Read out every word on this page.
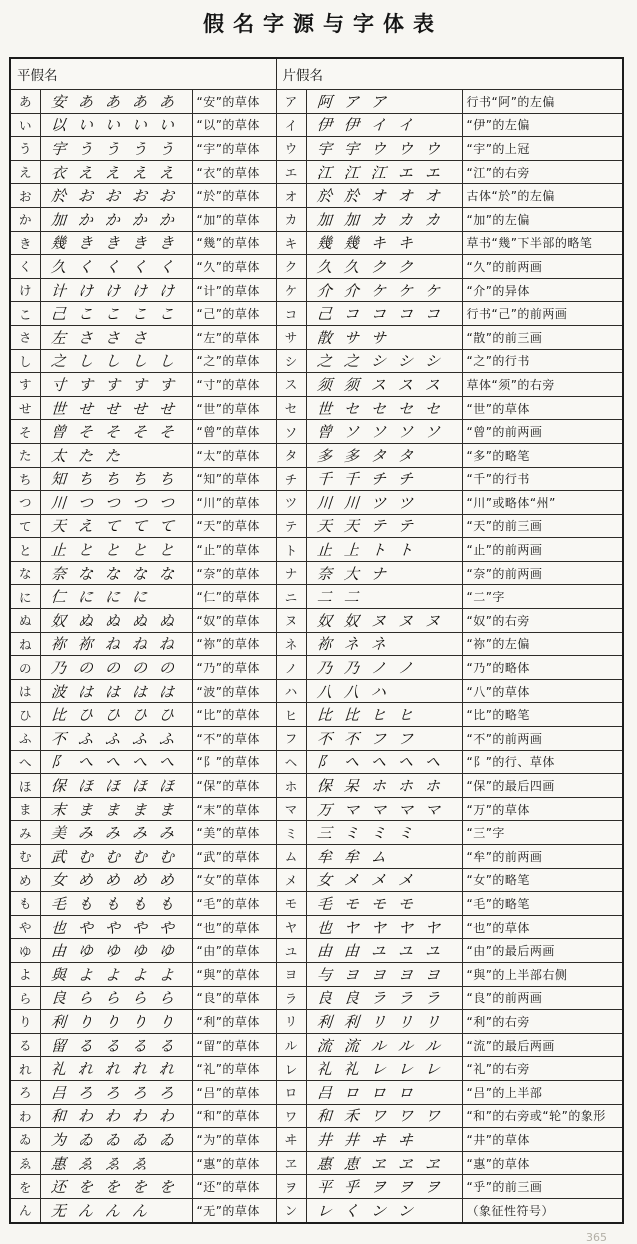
假名字源与字体表
平假名			片假名		
あ	安 あ あ あ あ	“安”的草体	ア	阿 ア ア	行书“阿”的左偏
い	以 い い い い	“以”的草体	イ	伊 伊 イ イ	“伊”的左偏
う	宇 う う う う	“宇”的草体	ウ	宇 宇 ウ ウ ウ	“宇”的上冠
え	衣 え え え え	“衣”的草体	エ	江 江 江 エ エ	“江”的右旁
お	於 お お お お	“於”的草体	オ	於 於 オ オ オ	古体“於”的左偏
か	加 か か か か	“加”的草体	カ	加 加 カ カ カ	“加”的左偏
き	幾 き き き き	“幾”的草体	キ	幾 幾 キ キ	草书“幾”下半部的略笔
く	久 く く く く	“久”的草体	ク	久 久 ク ク	“久”的前两画
け	计 け け け け	“计”的草体	ケ	介 介 ケ ケ ケ	“介”的异体
こ	己 こ こ こ こ	“己”的草体	コ	己 コ コ コ コ	行书“己”的前两画
さ	左 さ さ さ	“左”的草体	サ	散 サ サ	“散”的前三画
し	之 し し し し	“之”的草体	シ	之 之 シ シ シ	“之”的行书
す	寸 す す す す	“寸”的草体	ス	须 须 ス ス ス	草体“须”的右旁
せ	世 せ せ せ せ	“世”的草体	セ	世 セ セ セ セ	“世”的草体
そ	曾 そ そ そ そ	“曾”的草体	ソ	曾 ソ ソ ソ ソ	“曾”的前两画
た	太 た た	“太”的草体	タ	多 多 タ タ	“多”的略笔
ち	知 ち ち ち ち	“知”的草体	チ	千 千 チ チ	“千”的行书
つ	川 つ つ つ つ	“川”的草体	ツ	川 川 ツ ツ	“川”或略体“州”
て	天 え て て て	“天”的草体	テ	天 天 テ テ	“天”的前三画
と	止 と と と と	“止”的草体	ト	止 上 ト ト	“止”的前两画
な	奈 な な な な	“奈”的草体	ナ	奈 大 ナ	“奈”的前两画
に	仁 に に に	“仁”的草体	ニ	二 二	“二”字
ぬ	奴 ぬ ぬ ぬ ぬ	“奴”的草体	ヌ	奴 奴 ヌ ヌ ヌ	“奴”的右旁
ね	祢 祢 ね ね ね	“祢”的草体	ネ	祢 ネ ネ	“祢”的左偏
の	乃 の の の の	“乃”的草体	ノ	乃 乃 ノ ノ	“乃”的略体
は	波 は は は は	“波”的草体	ハ	八 八 ハ	“八”的草体
ひ	比 ひ ひ ひ ひ	“比”的草体	ヒ	比 比 ヒ ヒ	“比”的略笔
ふ	不 ふ ふ ふ ふ	“不”的草体	フ	不 不 フ フ	“不”的前两画
へ	阝 へ へ へ へ	“阝”的草体	ヘ	阝 ヘ ヘ ヘ ヘ	“阝”的行、草体
ほ	保 ほ ほ ほ ほ	“保”的草体	ホ	保 呆 ホ ホ ホ	“保”的最后四画
ま	末 ま ま ま ま	“末”的草体	マ	万 マ マ マ マ	“万”的草体
み	美 み み み み	“美”的草体	ミ	三 ミ ミ ミ	“三”字
む	武 む む む む	“武”的草体	ム	牟 牟 ム	“牟”的前两画
め	女 め め め め	“女”的草体	メ	女 メ メ メ	“女”的略笔
も	毛 も も も も	“毛”的草体	モ	毛 モ モ モ	“毛”的略笔
や	也 や や や や	“也”的草体	ヤ	也 ヤ ヤ ヤ ヤ	“也”的草体
ゆ	由 ゆ ゆ ゆ ゆ	“由”的草体	ユ	由 由 ユ ユ ユ	“由”的最后两画
よ	與 よ よ よ よ	“與”的草体	ヨ	与 ヨ ヨ ヨ ヨ	“與”的上半部右侧
ら	良 ら ら ら ら	“良”的草体	ラ	良 良 ラ ラ ラ	“良”的前两画
り	利 り り り り	“利”的草体	リ	利 利 リ リ リ	“利”的右旁
る	留 る る る る	“留”的草体	ル	流 流 ル ル ル	“流”的最后两画
れ	礼 れ れ れ れ	“礼”的草体	レ	礼 礼 レ レ レ	“礼”的右旁
ろ	吕 ろ ろ ろ ろ	“吕”的草体	ロ	吕 ロ ロ ロ	“吕”的上半部
わ	和 わ わ わ わ	“和”的草体	ワ	和 禾 ワ ワ ワ	“和”的右旁或“轮”的象形
ゐ	为 ゐ ゐ ゐ ゐ	“为”的草体	ヰ	井 井 ヰ ヰ	“井”的草体
ゑ	惠 ゑ ゑ ゑ	“惠”的草体	ヱ	惠 恵 ヱ ヱ ヱ	“惠”的草体
を	还 を を を を	“还”的草体	ヲ	平 乎 ヲ ヲ ヲ	“乎”的前三画
ん	无 ん ん ん	“无”的草体	ン	レ く ン ン	（象征性符号）
365
